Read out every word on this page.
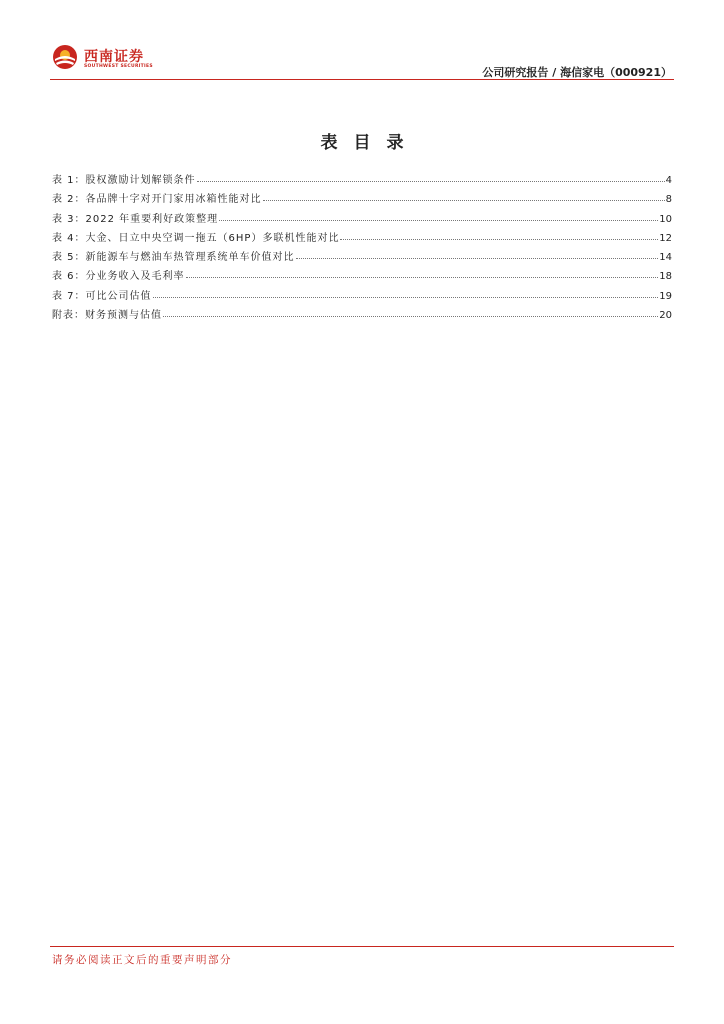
西南证券
SOUTHWEST SECURITIES	公司研究报告 / 海信家电（000921）
表目录
表 1：股权激励计划解锁条件	4
表 2：各品牌十字对开门家用冰箱性能对比	8
表 3：2022 年重要利好政策整理	10
表 4：大金、日立中央空调一拖五（6HP）多联机性能对比	12
表 5：新能源车与燃油车热管理系统单车价值对比	14
表 6：分业务收入及毛利率	18
表 7：可比公司估值	19
附表：财务预测与估值	20
请务必阅读正文后的重要声明部分
